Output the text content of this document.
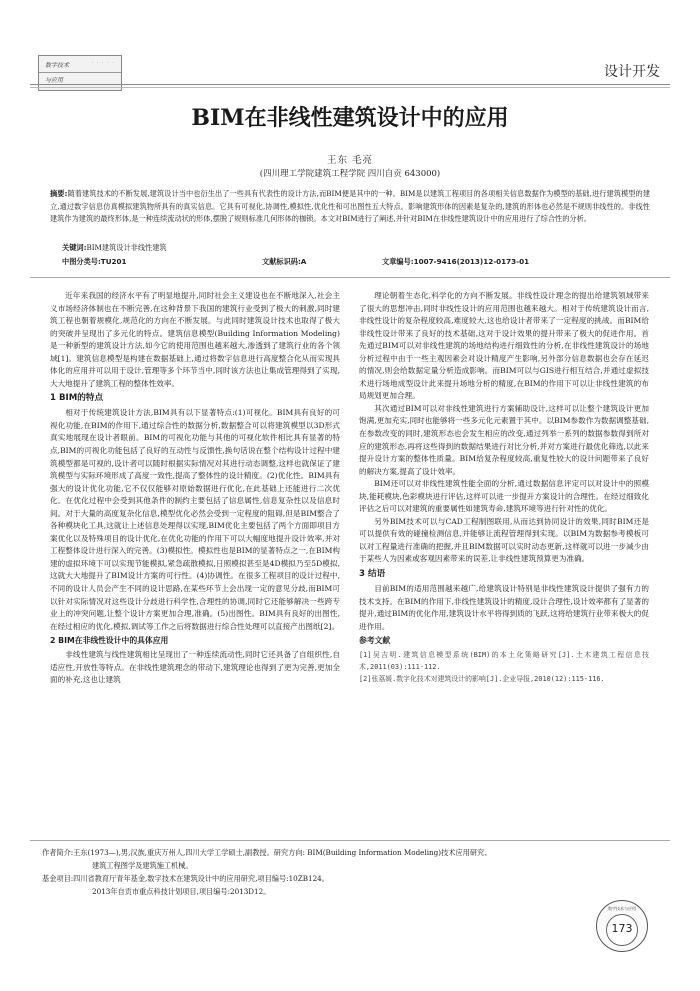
数字技术	· · · · ·
与应用
设计开发
BIM在非线性建筑设计中的应用
王东 毛亮
(四川理工学院建筑工程学院 四川自贡 643000)
摘要:随着建筑技术的不断发展,建筑设计当中也衍生出了一些具有代表性的设计方法,而BIM便是其中的一种。BIM是以建筑工程项目的各项相关信息数据作为模型的基础,进行建筑模型的建立,通过数字信息仿真模拟建筑物所具有的真实信息。它具有可视化,协调性,模拟性,优化性和可出图性五大特点。影响建筑形体的因素是复杂的,建筑的形体也必然是不规则非线性的。非线性建筑作为建筑的最终形体,是一种连续流动状的形体,摆脱了规则标准几何形体的枷锁。本文对BIM进行了阐述,并针对BIM在非线性建筑设计中的应用进行了综合性的分析。
关键词:BIM建筑设计非线性建筑
中图分类号:TU201	文献标识码:A	文章编号:1007-9416(2013)12-0173-01

近年来我国的经济水平有了明显地提升,同时社会主义建设也在不断地深入,社会主义市场经济体制也在不断完善,在这种背景下我国的建筑行业受到了极大的刺激,同时建筑工程也朝着规模化,规范化的方向在不断发展。与此同时建筑设计技术也取得了极大的突破并呈现出了多元化的特点。建筑信息模型(Building Information Modeling)是一种新型的建筑设计方法,如今它的使用范围也越来越大,渗透到了建筑行业的各个领域[1]。建筑信息模型是构建在数据基础上,通过将数字信息进行高度整合化从而实现具体化的应用并可以用于设计,管理等多个环节当中,同时该方法也让集成管理得到了实现,大大地提升了建筑工程的整体性效率。

1 BIM的特点

相对于传统建筑设计方法,BIM具有以下显著特点:(1)可视化。BIM具有良好的可视化功能,在BIM的作用下,通过综合性的数据分析,数据整合可以将建筑模型以3D形式真实地展现在设计者眼前。BIM的可视化功能与其他的可视化软件相比具有显著的特点,BIM的可视化功能包括了良好的互动性与反馈性,换句话说在整个结构设计过程中建筑模型都是可视的,设计者可以随时根据实际情况对其进行动态调整,这样也就保证了建筑模型与实际环境形成了高度一致性,提高了整体性的设计精度。(2)优化性。BIM具有强大的设计优化功能,它不仅仅能够对原始数据进行优化,在此基础上还能进行二次优化。在优化过程中会受到其他条件的制约主要包括了信息属性,信息复杂性以及信息时间。对于大量的高度复杂化信息,模型优化必然会受到一定程度的阻碍,但是BIM整合了各种模块化工具,这就让上述信息处理得以实现,BIM优化主要包括了两个方面即项目方案优化以及特殊项目的设计优化,在优化功能的作用下可以大幅度地提升设计效率,并对工程整体设计进行深入的完善。(3)模拟性。模拟性也是BIM的显著特点之一,在BIM构建的虚拟环境下可以实现节能模拟,紧急疏散模拟,日照模拟甚至是4D模拟乃至5D模拟,这就大大地提升了BIM设计方案的可行性。(4)协调性。在很多工程项目的设计过程中,不同的设计人员会产生不同的设计思路,在某些环节上会出现一定的意见分歧,而BIM可以针对实际情况对这些设计分歧进行科学性,合理性的协调,同时它还能够解决一些跨专业上的冲突问题,让整个设计方案更加合理,准确。(5)出图性。BIM具有良好的出图性,在经过相应的优化,模拟,调试等工作之后将数据进行综合性处理可以直接产出图纸[2]。

2 BIM在非线性设计中的具体应用

非线性建筑与线性建筑相比呈现出了一种连续流动性,同时它还具备了自组织性,自适应性,开放性等特点。在非线性建筑理念的带动下,建筑理论也得到了更为完善,更加全面的补充,这也让建筑

理论朝着生态化,科学化的方向不断发展。非线性设计理念的提出给建筑领域带来了很大的思想冲击,同时非线性设计的应用范围也越来越大。相对于传统建筑设计而言,非线性设计的复杂程度较高,难度较大,这也给设计者带来了一定程度的挑战。而BIM给非线性设计带来了良好的技术基础,这对于设计效果的提升带来了极大的促进作用。首先通过BIM可以对非线性建筑的场地结构进行细致性的分析,在非线性建筑设计的场地分析过程中由于一些主观因素会对设计精度产生影响,另外部分信息数据也会存在延迟的情况,则会给数据定量分析造成影响。而BIM可以与GIS进行相互结合,并通过虚拟技术进行场地成型设计此来提升场地分析的精度,在BIM的作用下可以让非线性建筑的布局规划更加合理。

其次通过BIM可以对非线性建筑进行方案辅助设计,这样可以让整个建筑设计更加饱满,更加充实,同时也能够将一些多元化元素置于其中。以BIM参数作为数据调整基础,在参数改变的同时,建筑形态也会发生相应的改变,通过列举一系列的数据参数得到所对应的建筑形态,再将这些得到的数据结果进行对比分析,并对方案进行最优化筛选,以此来提升设计方案的整体性质量。BIM给复杂程度较高,重复性较大的设计问题带来了良好的解决方案,提高了设计效率。

BIM还可以对非线性建筑性能全面的分析,通过数据信息评定可以对设计中的照模块,能耗模块,色彩模块进行评估,这样可以进一步提升方案设计的合理性。在经过细致化评估之后可以对建筑的重要属性如建筑寿命,建筑环境等进行针对性的优化。

另外BIM技术可以与CAD工程制图联用,从而达到协同设计的效果,同时BIM还是可以提供有效的碰撞检测信息,并能够让流程管理得到实现。以BIM为数据参考模板可以对工程量进行准确的把握,并且BIM数据可以实时动态更新,这样就可以进一步减少由于某些人为因素或客观因素带来的误差,让非线性建筑预算更为准确。

3 结语

目前BIM的适用范围越来越广,给建筑设计特别是非线性建筑设计提供了强有力的技术支持。在BIM的作用下,非线性建筑设计的精度,设计合理性,设计效率都有了显著的提升,通过BIM的优化作用,建筑设计水平将得到质的飞跃,这将给建筑行业带来极大的促进作用。

参考文献

[1]吴吉明.建筑信息模型系统(BIM)的本土化策略研究[J].土木建筑工程信息技术,2011(03):111-112.

[2]张荔媛.数字化技术对建筑设计的影响[J].企业导报,2010(12):115-116.

作者简介:王东(1973—),男,汉族,重庆万州人,四川大学工学硕士,副教授。研究方向: BIM(Building Information Modeling)技术应用研究、

建筑工程图学及建筑施工机械。

基金项目:四川省教育厅青年基金,数字技术在建筑设计中的应用研究,项目编号:10ZB124。

2013年自贡市重点科技计划项目,项目编号:2013D12。

数字技术与应用
173
